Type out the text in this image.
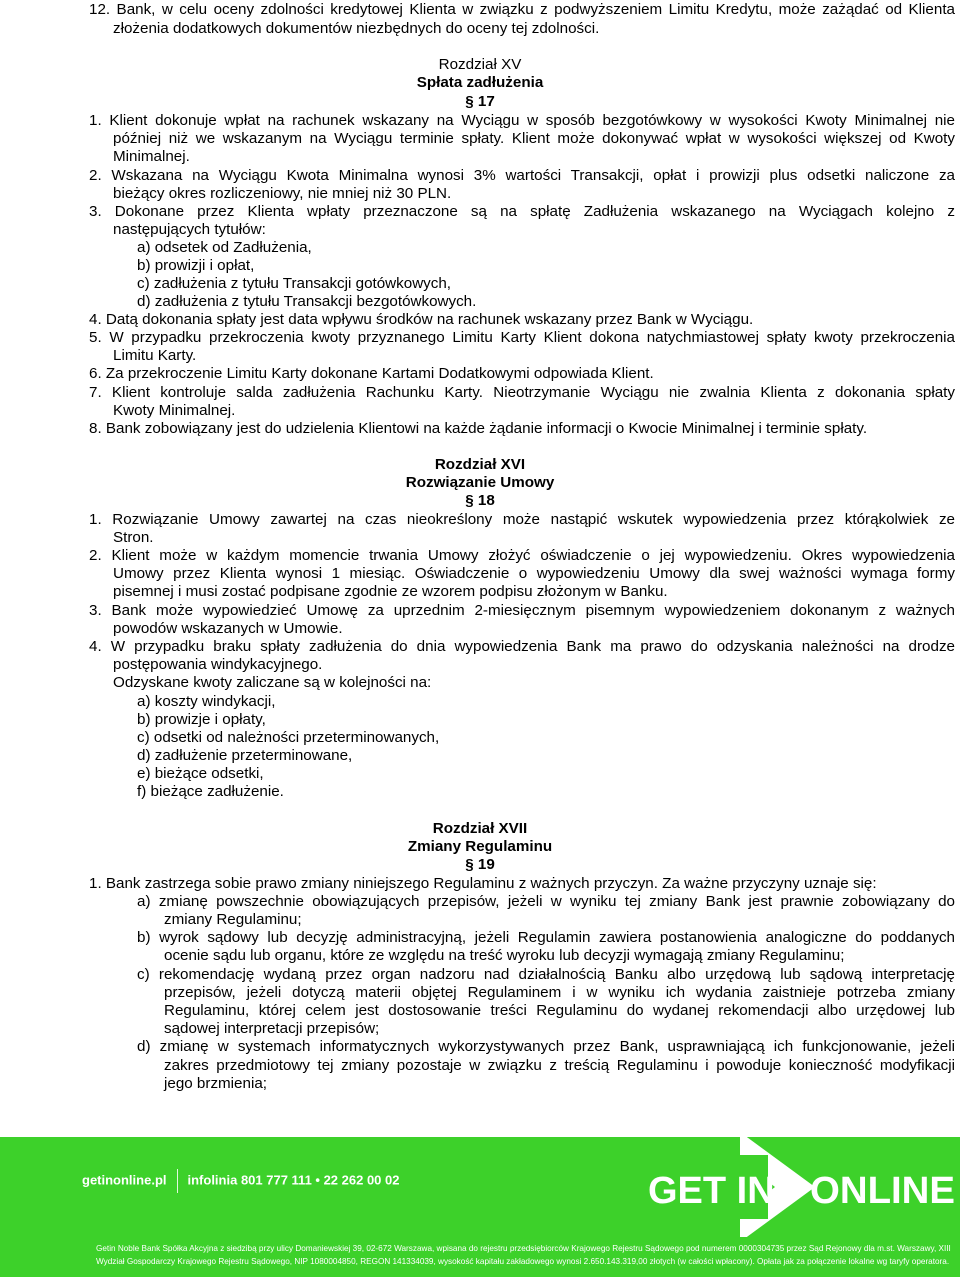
12. Bank, w celu oceny zdolności kredytowej Klienta w związku z podwyższeniem Limitu Kredytu, może zażądać od Klienta
złożenia dodatkowych dokumentów niezbędnych do oceny tej zdolności.
Rozdział XV
Spłata zadłużenia
§ 17
1. Klient dokonuje wpłat na rachunek wskazany na Wyciągu w sposób bezgotówkowy w wysokości Kwoty Minimalnej nie
później niż we wskazanym na Wyciągu terminie spłaty. Klient może dokonywać wpłat w wysokości większej od Kwoty
Minimalnej.
2. Wskazana na Wyciągu Kwota Minimalna wynosi 3% wartości Transakcji, opłat i prowizji plus odsetki naliczone za
bieżący okres rozliczeniowy, nie mniej niż 30 PLN.
3. Dokonane przez Klienta wpłaty przeznaczone są na spłatę Zadłużenia wskazanego na Wyciągach kolejno z
następujących tytułów:
a) odsetek od Zadłużenia,
b) prowizji i opłat,
c) zadłużenia z tytułu Transakcji gotówkowych,
d) zadłużenia z tytułu Transakcji bezgotówkowych.
4. Datą dokonania spłaty jest data wpływu środków na rachunek wskazany przez Bank w Wyciągu.
5. W przypadku przekroczenia kwoty przyznanego Limitu Karty Klient dokona natychmiastowej spłaty kwoty przekroczenia
Limitu Karty.
6. Za przekroczenie Limitu Karty dokonane Kartami Dodatkowymi odpowiada Klient.
7. Klient kontroluje salda zadłużenia Rachunku Karty. Nieotrzymanie Wyciągu nie zwalnia Klienta z dokonania spłaty
Kwoty Minimalnej.
8. Bank zobowiązany jest do udzielenia Klientowi na każde żądanie informacji o Kwocie Minimalnej i terminie spłaty.
Rozdział XVI
Rozwiązanie Umowy
§ 18
1. Rozwiązanie Umowy zawartej na czas nieokreślony może nastąpić wskutek wypowiedzenia przez którąkolwiek ze
Stron.
2. Klient może w każdym momencie trwania Umowy złożyć oświadczenie o jej wypowiedzeniu. Okres wypowiedzenia
Umowy przez Klienta wynosi 1 miesiąc. Oświadczenie o wypowiedzeniu Umowy dla swej ważności wymaga formy
pisemnej i musi zostać podpisane zgodnie ze wzorem podpisu złożonym w Banku.
3. Bank może wypowiedzieć Umowę za uprzednim 2-miesięcznym pisemnym wypowiedzeniem dokonanym z ważnych
powodów wskazanych w Umowie.
4. W przypadku braku spłaty zadłużenia do dnia wypowiedzenia Bank ma prawo do odzyskania należności na drodze
postępowania windykacyjnego.
Odzyskane kwoty zaliczane są w kolejności na:
a) koszty windykacji,
b) prowizje i opłaty,
c) odsetki od należności przeterminowanych,
d) zadłużenie przeterminowane,
e) bieżące odsetki,
f) bieżące zadłużenie.
Rozdział XVII
Zmiany Regulaminu
§ 19
1. Bank zastrzega sobie prawo zmiany niniejszego Regulaminu z ważnych przyczyn. Za ważne przyczyny uznaje się:
a) zmianę powszechnie obowiązujących przepisów, jeżeli w wyniku tej zmiany Bank jest prawnie zobowiązany do
zmiany Regulaminu;
b) wyrok sądowy lub decyzję administracyjną, jeżeli Regulamin zawiera postanowienia analogiczne do poddanych
ocenie sądu lub organu, które ze względu na treść wyroku lub decyzji wymagają zmiany Regulaminu;
c) rekomendację wydaną przez organ nadzoru nad działalnością Banku albo urzędową lub sądową interpretację
przepisów, jeżeli dotyczą materii objętej Regulaminem i w wyniku ich wydania zaistnieje potrzeba zmiany
Regulaminu, której celem jest dostosowanie treści Regulaminu do wydanej rekomendacji albo urzędowej lub
sądowej interpretacji przepisów;
d) zmianę w systemach informatycznych wykorzystywanych przez Bank, usprawniającą ich funkcjonowanie, jeżeli
zakres przedmiotowy tej zmiany pozostaje w związku z treścią Regulaminu i powoduje konieczność modyfikacji
jego brzmienia;
getinonline.pl infolinia 801 777 111 • 22 262 00 02	GET IN ONLINE
Getin Noble Bank Spółka Akcyjna z siedzibą przy ulicy Domaniewskiej 39, 02-672 Warszawa, wpisana do rejestru przedsiębiorców Krajowego Rejestru Sądowego pod numerem 0000304735 przez Sąd Rejonowy dla m.st. Warszawy, XIII
Wydział Gospodarczy Krajowego Rejestru Sądowego, NIP 1080004850, REGON 141334039, wysokość kapitału zakładowego wynosi 2.650.143.319,00 złotych (w całości wpłacony). Opłata jak za połączenie lokalne wg taryfy operatora.
